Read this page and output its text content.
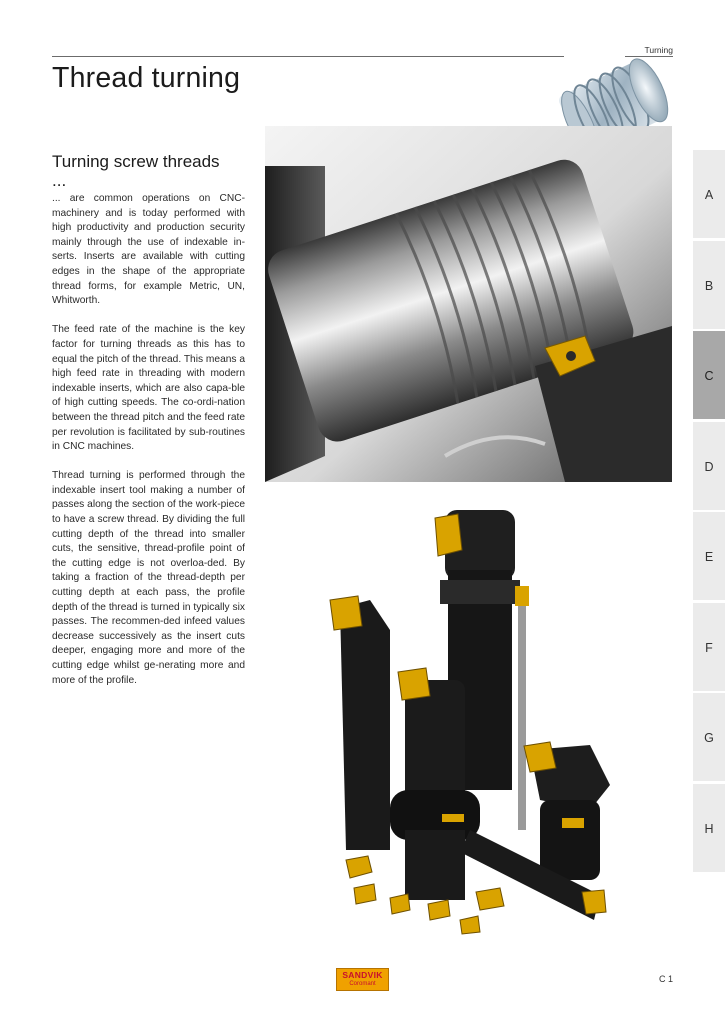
Turning
Thread turning
Turning screw threads ...

... are common operations on CNC-machinery and is today performed with high productivity and production security mainly through the use of indexable in-serts. Inserts are available with cutting edges in the shape of the appropriate thread forms, for example Metric, UN, Whitworth.

The feed rate of the machine is the key factor for turning threads as this has to equal the pitch of the thread. This means a high feed rate in threading with modern indexable inserts, which are also capa-ble of high cutting speeds. The co-ordi-nation between the thread pitch and the feed rate per revolution is facilitated by sub-routines in CNC machines.

Thread turning is performed through the indexable insert tool making a number of passes along the section of the work-piece to have a screw thread. By dividing the full cutting depth of the thread into smaller cuts, the sensitive, thread-profile point of the cutting edge is not overloa-ded. By taking a fraction of the thread-depth per cutting depth at each pass, the profile depth of the thread is turned in typically six passes. The recommen-ded infeed values decrease successively as the insert cuts deeper, engaging more and more of the cutting edge whilst ge-nerating more and more of the profile.

A
B
C
D
E
F
G
H
SANDVIK
Coromant	C 1
